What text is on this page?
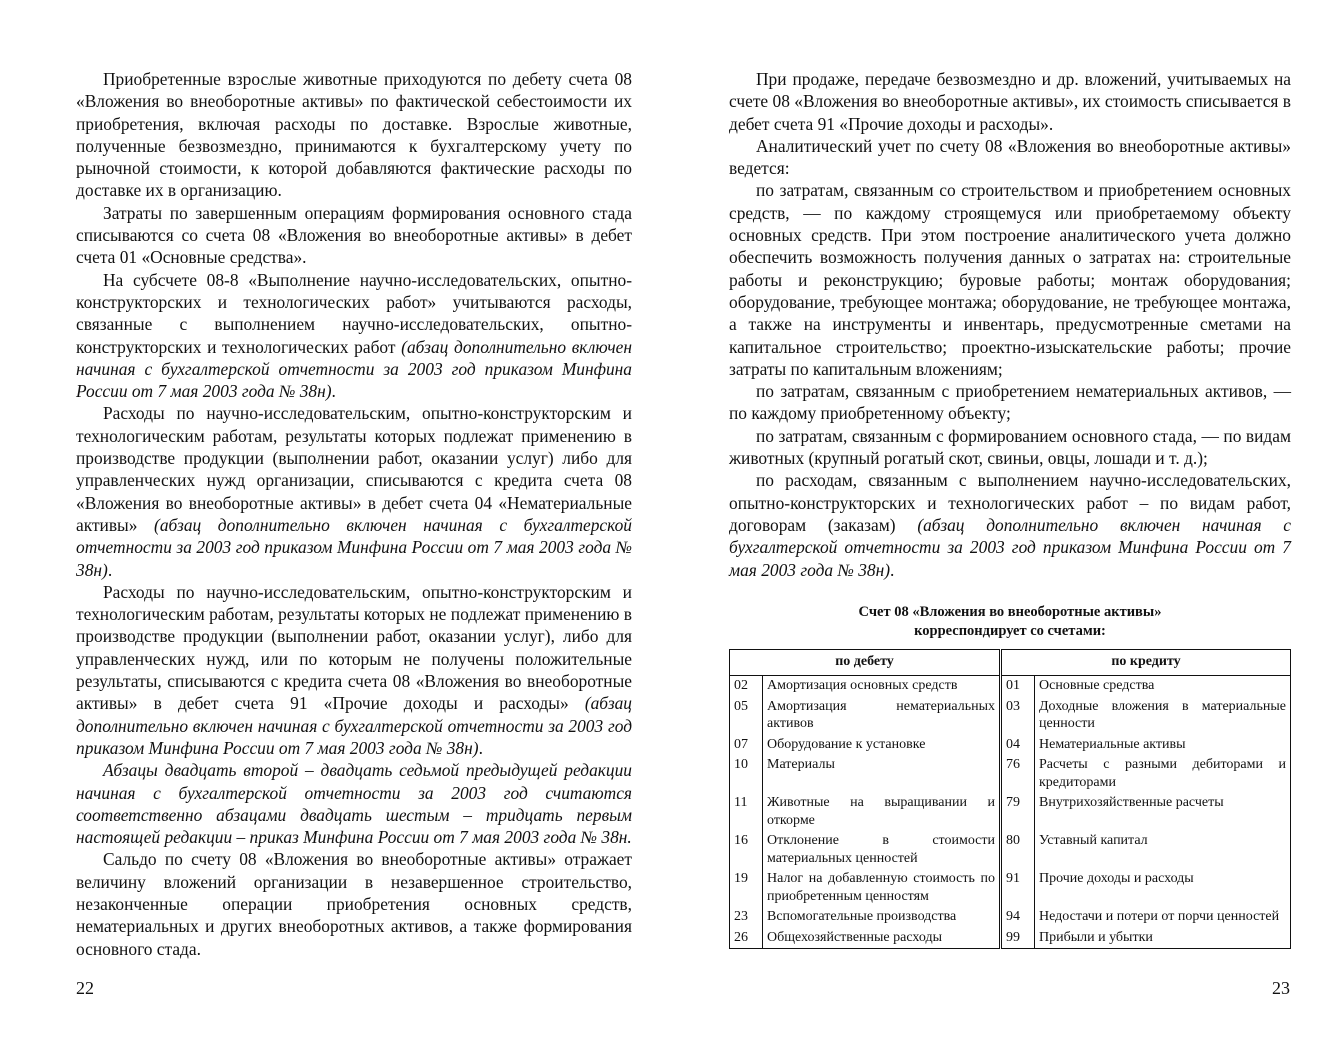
Приобретенные взрослые животные приходуются по дебету счета 08 «Вложения во внеоборотные активы» по фактической себестоимости их приобретения, включая расходы по доставке. Взрослые животные, полученные безвозмездно, принимаются к бухгалтерскому учету по рыночной стоимости, к которой добавляются фактические расходы по доставке их в организацию.

Затраты по завершенным операциям формирования основного стада списываются со счета 08 «Вложения во внеоборотные активы» в дебет счета 01 «Основные средства».

На субсчете 08-8 «Выполнение научно-исследовательских, опытно-конструкторских и технологических работ» учитываются расходы, связанные с выполнением научно-исследовательских, опытно-конструкторских и технологических работ (абзац дополнительно включен начиная с бухгалтерской отчетности за 2003 год приказом Минфина России от 7 мая 2003 года № 38н).

Расходы по научно-исследовательским, опытно-конструкторским и технологическим работам, результаты которых подлежат применению в производстве продукции (выполнении работ, оказании услуг) либо для управленческих нужд организации, списываются с кредита счета 08 «Вложения во внеоборотные активы» в дебет счета 04 «Нематериальные активы» (абзац дополнительно включен начиная с бухгалтерской отчетности за 2003 год приказом Минфина России от 7 мая 2003 года № 38н).

Расходы по научно-исследовательским, опытно-конструкторским и технологическим работам, результаты которых не подлежат применению в производстве продукции (выполнении работ, оказании услуг), либо для управленческих нужд, или по которым не получены положительные результаты, списываются с кредита счета 08 «Вложения во внеоборотные активы» в дебет счета 91 «Прочие доходы и расходы» (абзац дополнительно включен начиная с бухгалтерской отчетности за 2003 год приказом Минфина России от 7 мая 2003 года № 38н).

Абзацы двадцать второй – двадцать седьмой предыдущей редакции начиная с бухгалтерской отчетности за 2003 год считаются соответственно абзацами двадцать шестым – тридцать первым настоящей редакции – приказ Минфина России от 7 мая 2003 года № 38н.

Сальдо по счету 08 «Вложения во внеоборотные активы» отражает величину вложений организации в незавершенное строительство, незаконченные операции приобретения основных средств, нематериальных и других внеоборотных активов, а также формирования основного стада.

22

При продаже, передаче безвозмездно и др. вложений, учитываемых на счете 08 «Вложения во внеоборотные активы», их стоимость списывается в дебет счета 91 «Прочие доходы и расходы».

Аналитический учет по счету 08 «Вложения во внеоборотные активы» ведется:

по затратам, связанным со строительством и приобретением основных средств, — по каждому строящемуся или приобретаемому объекту основных средств. При этом построение аналитического учета должно обеспечить возможность получения данных о затратах на: строительные работы и реконструкцию; буровые работы; монтаж оборудования; оборудование, требующее монтажа; оборудование, не требующее монтажа, а также на инструменты и инвентарь, предусмотренные сметами на капитальное строительство; проектно-изыскательские работы; прочие затраты по капитальным вложениям;

по затратам, связанным с приобретением нематериальных активов, — по каждому приобретенному объекту;

по затратам, связанным с формированием основного стада, — по видам животных (крупный рогатый скот, свиньи, овцы, лошади и т. д.);

по расходам, связанным с выполнением научно-исследовательских, опытно-конструкторских и технологических работ – по видам работ, договорам (заказам) (абзац дополнительно включен начиная с бухгалтерской отчетности за 2003 год приказом Минфина России от 7 мая 2003 года № 38н).

Счет 08 «Вложения во внеоборотные активы»
корреспондирует со счетами:
по дебету		по кредиту	
02	Амортизация основных средств	01	Основные средства
05	Амортизация нематериальных активов	03	Доходные вложения в материальные ценности
07	Оборудование к установке	04	Нематериальные активы
10	Материалы	76	Расчеты с разными дебиторами и кредиторами
11	Животные на выращивании и откорме	79	Внутрихозяйственные расчеты
16	Отклонение в стоимости материальных ценностей	80	Уставный капитал
19	Налог на добавленную стоимость по приобретенным ценностям	91	Прочие доходы и расходы
23	Вспомогательные производства	94	Недостачи и потери от порчи ценностей
26	Общехозяйственные расходы	99	Прибыли и убытки
23
